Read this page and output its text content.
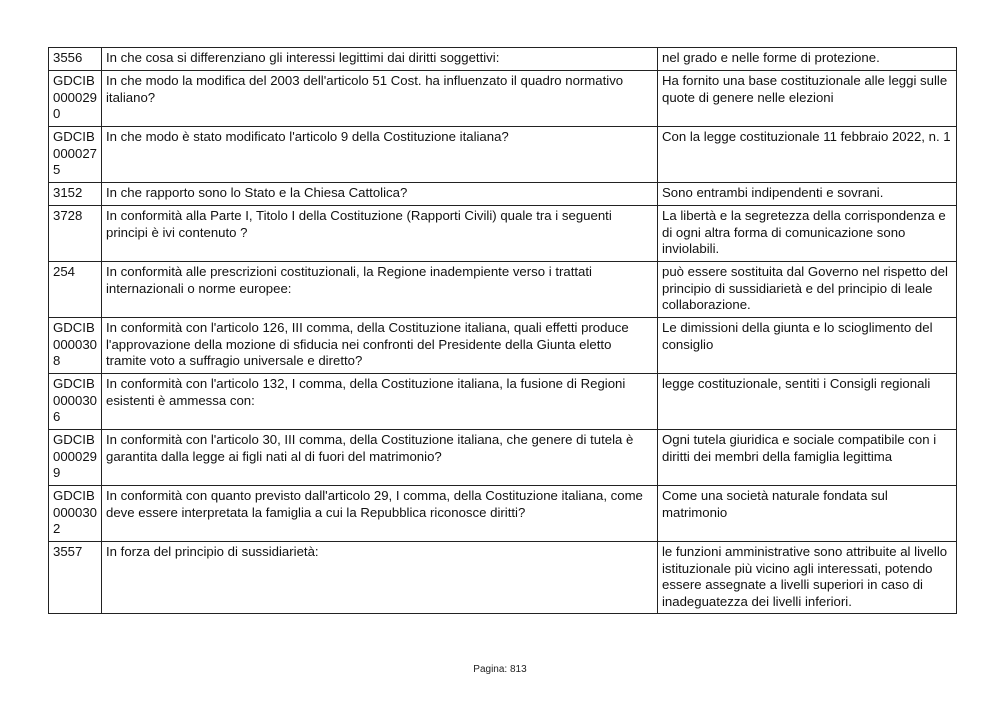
3556	In che cosa si differenziano gli interessi legittimi dai diritti soggettivi:	nel grado e nelle forme di protezione.
GDCIB0000290	In che modo la modifica del 2003 dell'articolo 51 Cost. ha influenzato il quadro normativo italiano?	Ha fornito una base costituzionale alle leggi sulle quote di genere nelle elezioni
GDCIB0000275	In che modo è stato modificato l'articolo 9 della Costituzione italiana?	Con la legge costituzionale 11 febbraio 2022, n. 1
3152	In che rapporto sono lo Stato e la Chiesa Cattolica?	Sono entrambi indipendenti e sovrani.
3728	In conformità alla Parte I, Titolo I della Costituzione (Rapporti Civili) quale tra i seguenti principi è ivi contenuto ?	La libertà e la segretezza della corrispondenza e di ogni altra forma di comunicazione sono inviolabili.
254	In conformità alle prescrizioni costituzionali, la Regione inadempiente verso i trattati internazionali o norme europee:	può essere sostituita dal Governo nel rispetto del principio di sussidiarietà e del principio di leale collaborazione.
GDCIB0000308	In conformità con l'articolo 126, III comma, della Costituzione italiana, quali effetti produce l'approvazione della mozione di sfiducia nei confronti del Presidente della Giunta eletto tramite voto a suffragio universale e diretto?	Le dimissioni della giunta e lo scioglimento del consiglio
GDCIB0000306	In conformità con l'articolo 132, I comma, della Costituzione italiana, la fusione di Regioni esistenti è ammessa con:	legge costituzionale, sentiti i Consigli regionali
GDCIB0000299	In conformità con l'articolo 30, III comma, della Costituzione italiana, che genere di tutela è garantita dalla legge ai figli nati al di fuori del matrimonio?	Ogni tutela giuridica e sociale compatibile con i diritti dei membri della famiglia legittima
GDCIB0000302	In conformità con quanto previsto dall'articolo 29, I comma, della Costituzione italiana, come deve essere interpretata la famiglia a cui la Repubblica riconosce diritti?	Come una società naturale fondata sul matrimonio
3557	In forza del principio di sussidiarietà:	le funzioni amministrative sono attribuite al livello istituzionale più vicino agli interessati, potendo essere assegnate a livelli superiori in caso di inadeguatezza dei livelli inferiori.
Pagina: 813
